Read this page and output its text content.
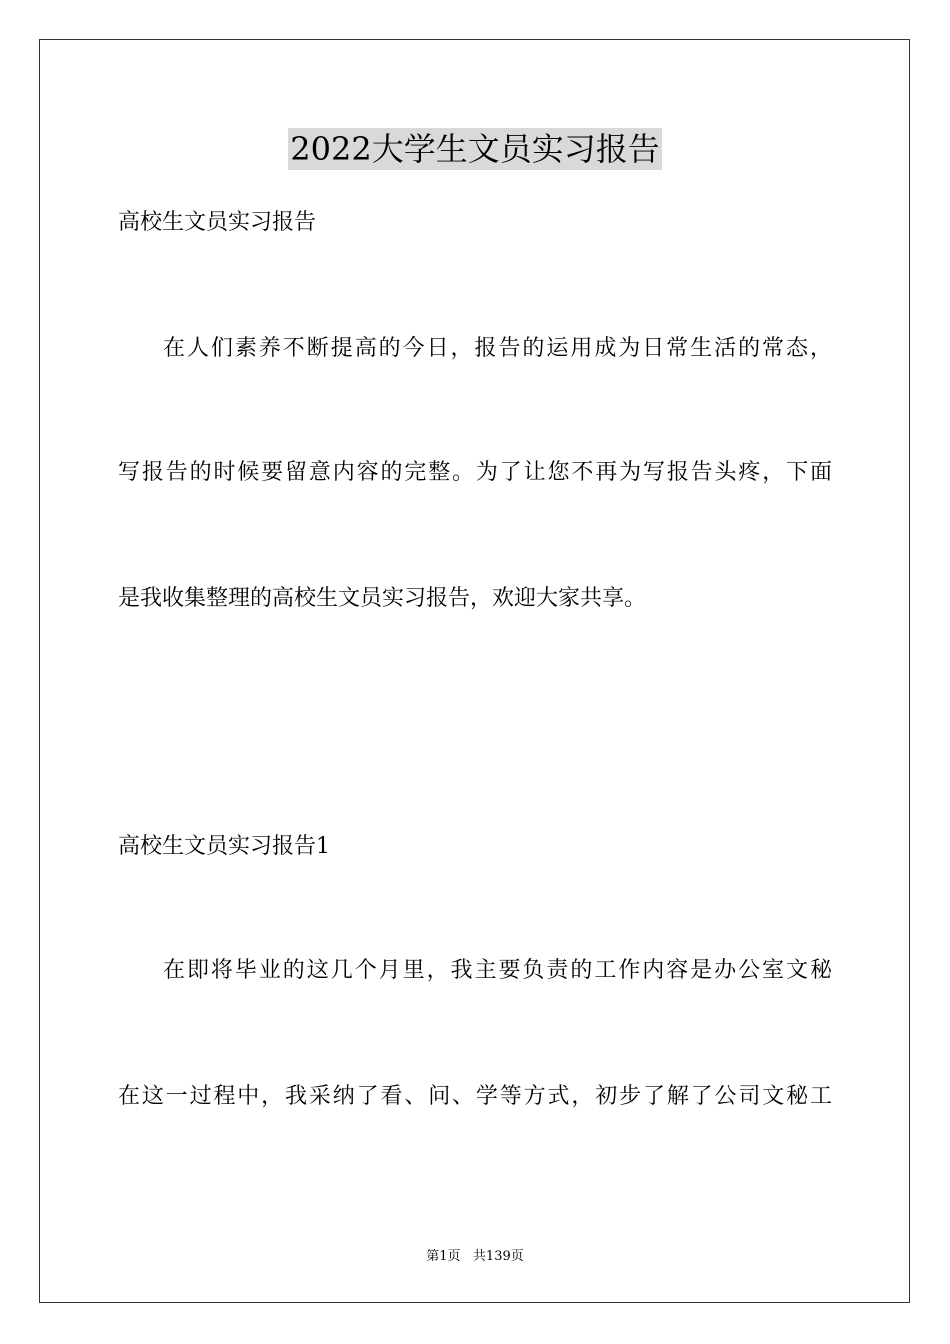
2022大学生文员实习报告
高校生文员实习报告
在人们素养不断提高的今日，报告的运用成为日常生活的常态，
写报告的时候要留意内容的完整。为了让您不再为写报告头疼，下面
是我收集整理的高校生文员实习报告，欢迎大家共享。
高校生文员实习报告1
在即将毕业的这几个月里，我主要负责的工作内容是办公室文秘
在这一过程中，我采纳了看、问、学等方式，初步了解了公司文秘工
第1页   共139页
